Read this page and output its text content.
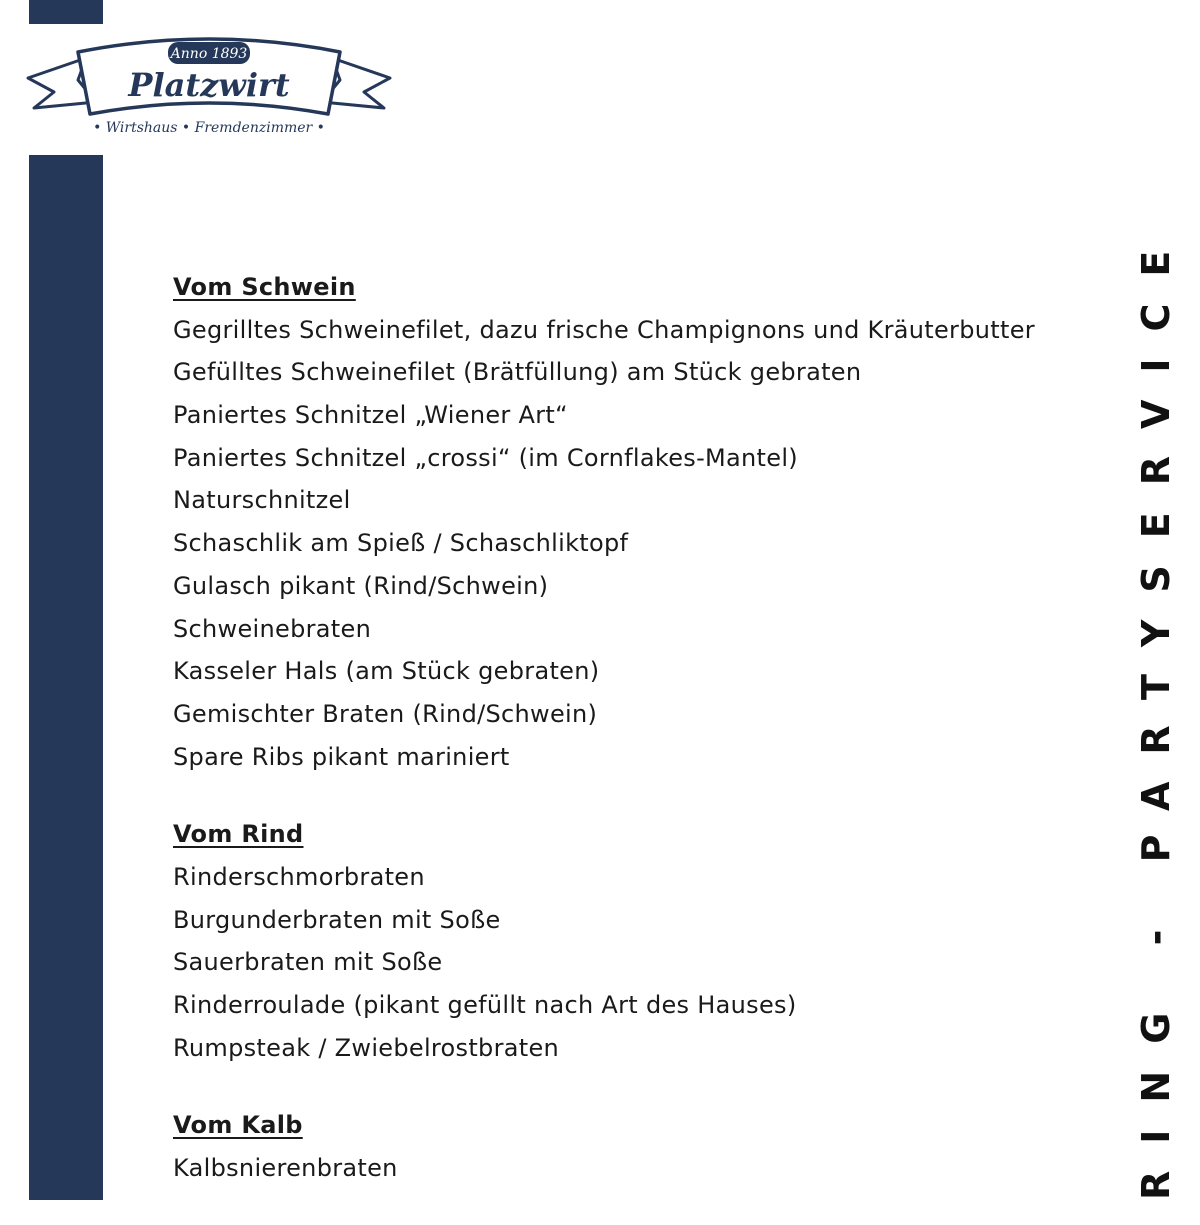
Anno 1893
Platzwirt
• Wirtshaus • Fremdenzimmer •
Vom Schwein
Gegrilltes Schweinefilet, dazu frische Champignons und Kräuterbutter
Gefülltes Schweinefilet (Brätfüllung) am Stück gebraten
Paniertes Schnitzel „Wiener Art“
Paniertes Schnitzel „crossi“ (im Cornflakes-Mantel)
Naturschnitzel
Schaschlik am Spieß / Schaschliktopf
Gulasch pikant (Rind/Schwein)
Schweinebraten
Kasseler Hals (am Stück gebraten)
Gemischter Braten (Rind/Schwein)
Spare Ribs pikant mariniert
Vom Rind
Rinderschmorbraten
Burgunderbraten mit Soße
Sauerbraten mit Soße
Rinderroulade (pikant gefüllt nach Art des Hauses)
Rumpsteak / Zwiebelrostbraten
Vom Kalb
Kalbsnierenbraten	RING - PARTYSERVICE
